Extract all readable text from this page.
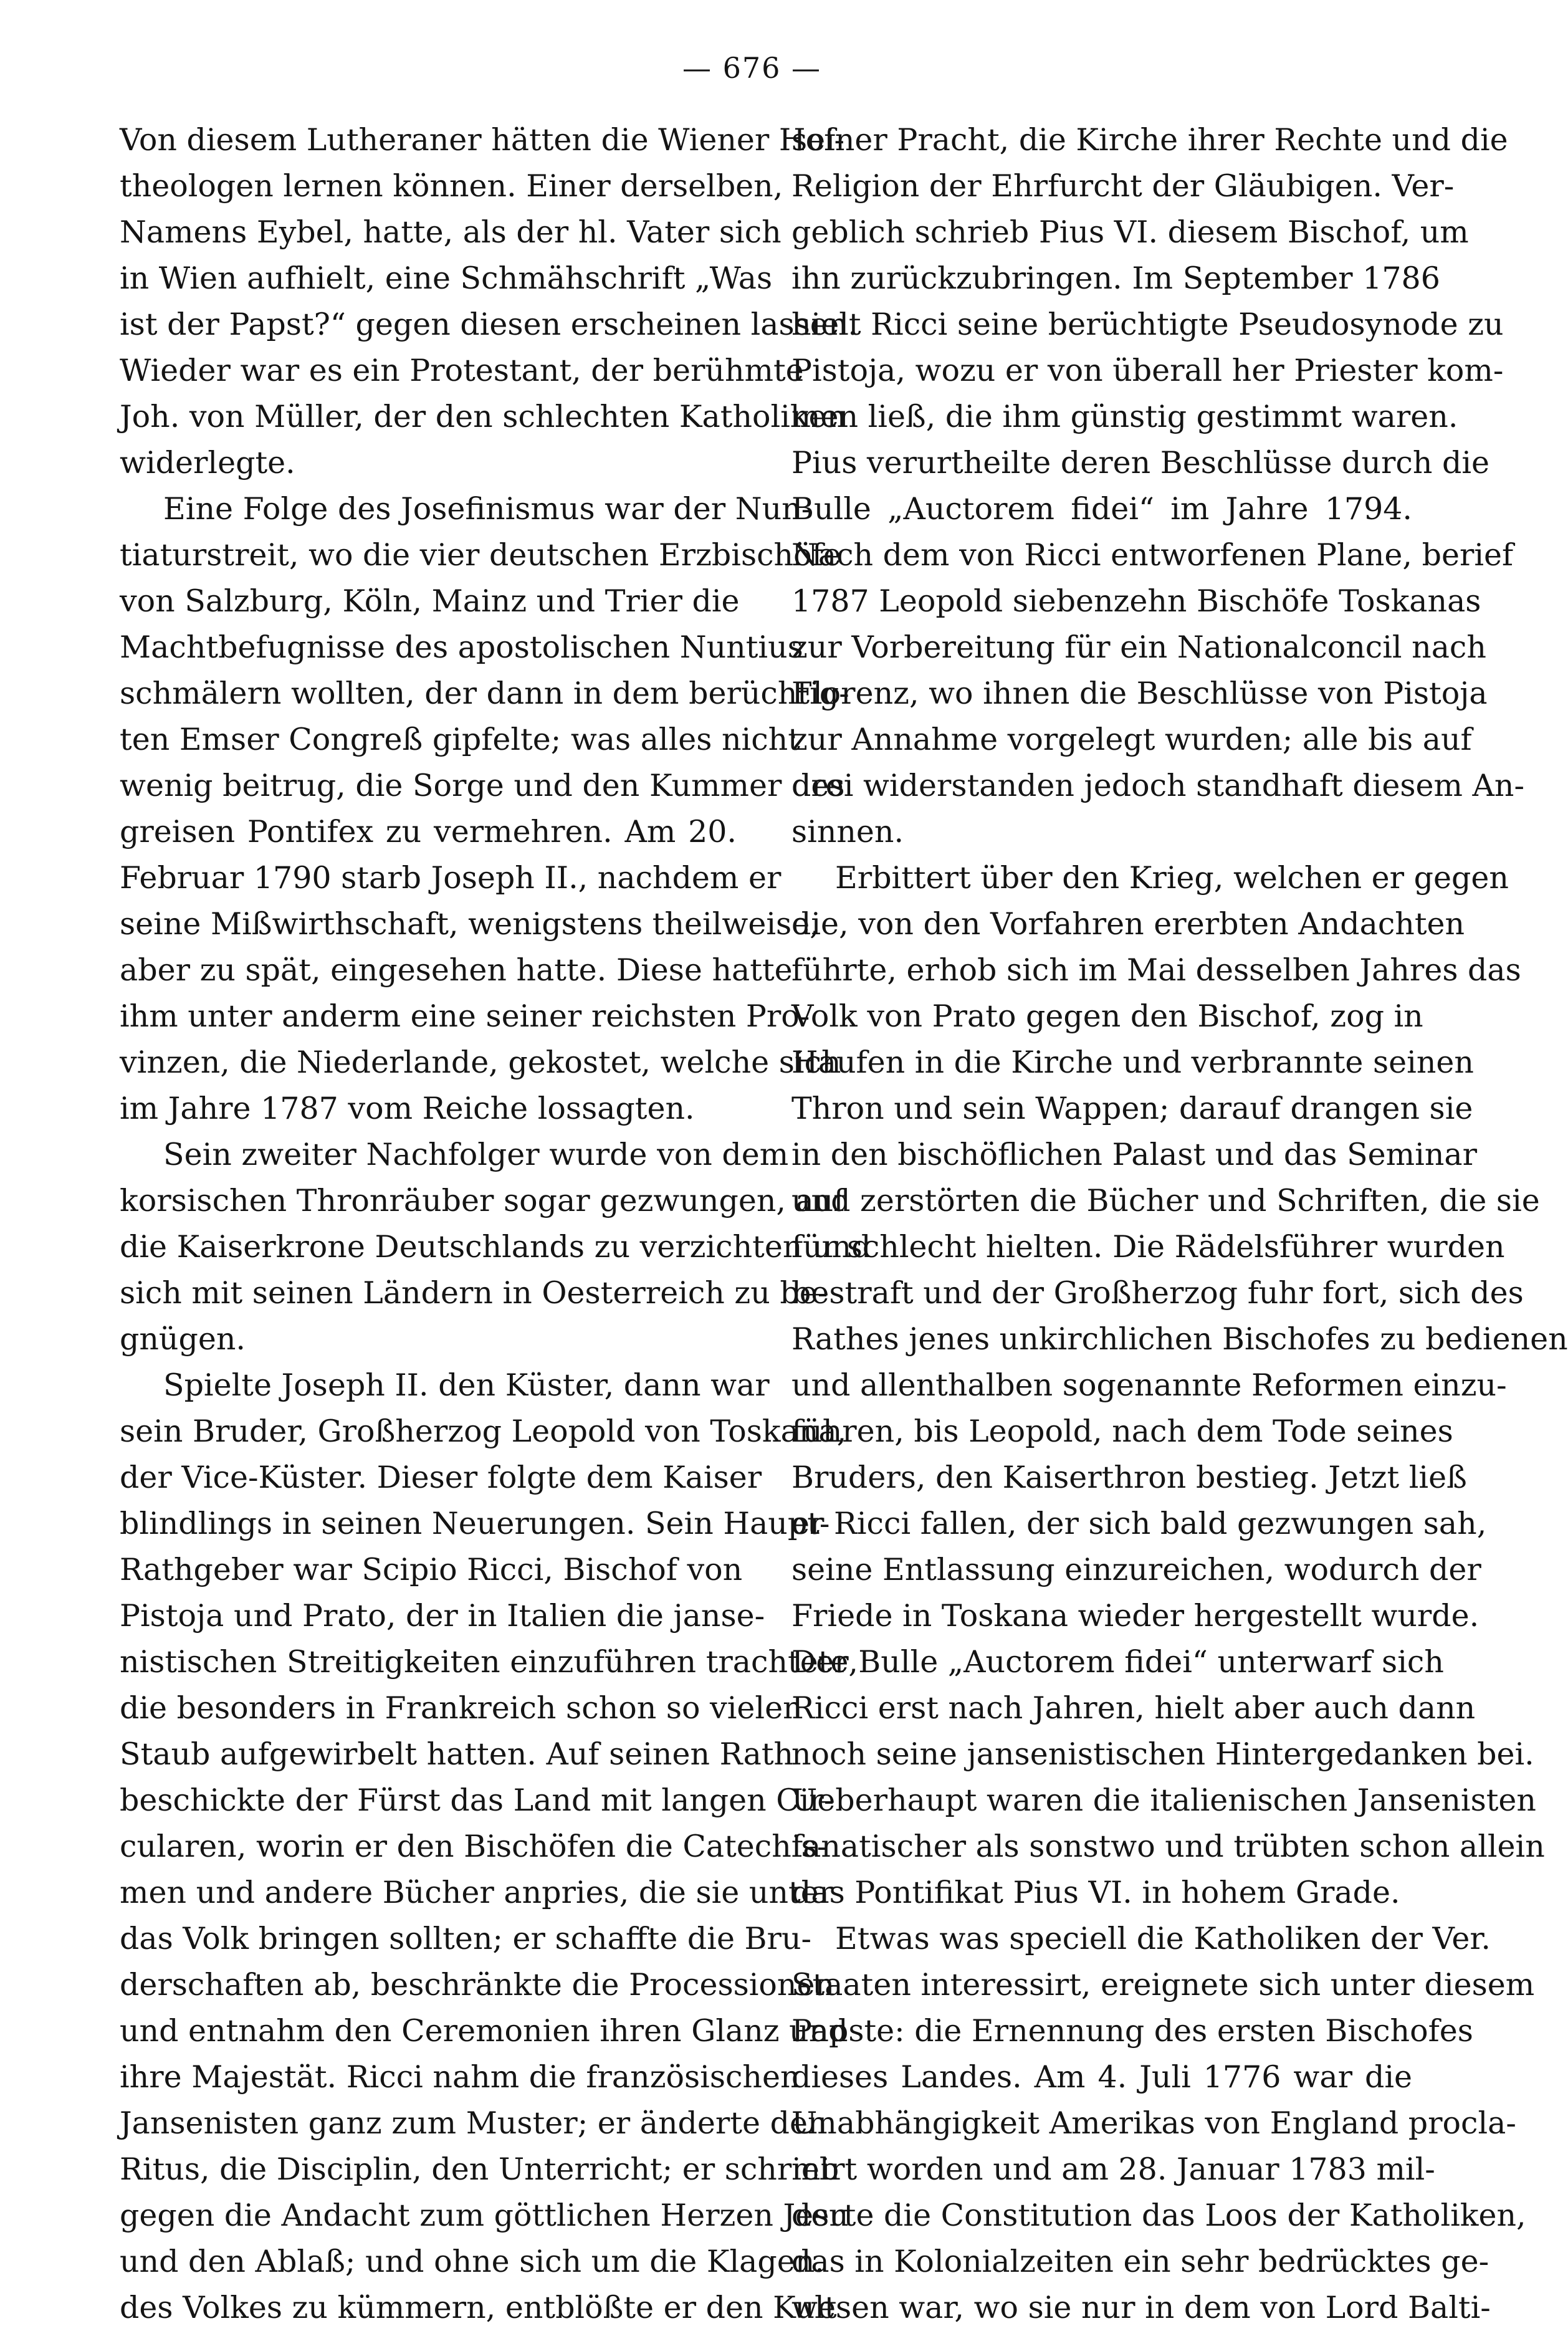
— 676 —
Von diesem Lutheraner hätten die Wiener Hof-
theologen lernen können. Einer derselben,
Namens Eybel, hatte, als der hl. Vater sich
in Wien aufhielt, eine Schmähschrift „Was
ist der Papst?“ gegen diesen erscheinen lassen.
Wieder war es ein Protestant, der berühmte
Joh. von Müller, der den schlechten Katholiken
widerlegte.
Eine Folge des Josefinismus war der Nun-
tiaturstreit, wo die vier deutschen Erzbischöfe
von Salzburg, Köln, Mainz und Trier die
Machtbefugnisse des apostolischen Nuntius
schmälern wollten, der dann in dem berüchtig-
ten Emser Congreß gipfelte; was alles nicht
wenig beitrug, die Sorge und den Kummer des
greisen Pontifex zu vermehren. Am 20.
Februar 1790 starb Joseph II., nachdem er
seine Mißwirthschaft, wenigstens theilweise,
aber zu spät, eingesehen hatte. Diese hatte
ihm unter anderm eine seiner reichsten Pro-
vinzen, die Niederlande, gekostet, welche sich
im Jahre 1787 vom Reiche lossagten.
Sein zweiter Nachfolger wurde von dem
korsischen Thronräuber sogar gezwungen, auf
die Kaiserkrone Deutschlands zu verzichten und
sich mit seinen Ländern in Oesterreich zu be-
gnügen.
Spielte Joseph II. den Küster, dann war
sein Bruder, Großherzog Leopold von Toskana,
der Vice-Küster. Dieser folgte dem Kaiser
blindlings in seinen Neuerungen. Sein Haupt-
Rathgeber war Scipio Ricci, Bischof von
Pistoja und Prato, der in Italien die janse-
nistischen Streitigkeiten einzuführen trachtete,
die besonders in Frankreich schon so vielen
Staub aufgewirbelt hatten. Auf seinen Rath
beschickte der Fürst das Land mit langen Cir-
cularen, worin er den Bischöfen die Catechis-
men und andere Bücher anpries, die sie unter
das Volk bringen sollten; er schaffte die Bru-
derschaften ab, beschränkte die Processionen
und entnahm den Ceremonien ihren Glanz und
ihre Majestät. Ricci nahm die französischen
Jansenisten ganz zum Muster; er änderte den
Ritus, die Disciplin, den Unterricht; er schrieb
gegen die Andacht zum göttlichen Herzen Jesu
und den Ablaß; und ohne sich um die Klagen.
des Volkes zu kümmern, entblößte er den Kult
seiner Pracht, die Kirche ihrer Rechte und die
Religion der Ehrfurcht der Gläubigen. Ver-
geblich schrieb Pius VI. diesem Bischof, um
ihn zurückzubringen. Im September 1786
hielt Ricci seine berüchtigte Pseudosynode zu
Pistoja, wozu er von überall her Priester kom-
men ließ, die ihm günstig gestimmt waren.
Pius verurtheilte deren Beschlüsse durch die
Bulle „Auctorem fidei“ im Jahre 1794.
Nach dem von Ricci entworfenen Plane, berief
1787 Leopold siebenzehn Bischöfe Toskanas
zur Vorbereitung für ein Nationalconcil nach
Florenz, wo ihnen die Beschlüsse von Pistoja
zur Annahme vorgelegt wurden; alle bis auf
drei widerstanden jedoch standhaft diesem An-
sinnen.
Erbittert über den Krieg, welchen er gegen
die, von den Vorfahren ererbten Andachten
führte, erhob sich im Mai desselben Jahres das
Volk von Prato gegen den Bischof, zog in
Haufen in die Kirche und verbrannte seinen
Thron und sein Wappen; darauf drangen sie
in den bischöflichen Palast und das Seminar
und zerstörten die Bücher und Schriften, die sie
für schlecht hielten. Die Rädelsführer wurden
bestraft und der Großherzog fuhr fort, sich des
Rathes jenes unkirchlichen Bischofes zu bedienen
und allenthalben sogenannte Reformen einzu-
führen, bis Leopold, nach dem Tode seines
Bruders, den Kaiserthron bestieg. Jetzt ließ
er Ricci fallen, der sich bald gezwungen sah,
seine Entlassung einzureichen, wodurch der
Friede in Toskana wieder hergestellt wurde.
Der Bulle „Auctorem fidei“ unterwarf sich
Ricci erst nach Jahren, hielt aber auch dann
noch seine jansenistischen Hintergedanken bei.
Ueberhaupt waren die italienischen Jansenisten
fanatischer als sonstwo und trübten schon allein
das Pontifikat Pius VI. in hohem Grade.
Etwas was speciell die Katholiken der Ver.
Staaten interessirt, ereignete sich unter diesem
Papste: die Ernennung des ersten Bischofes
dieses Landes. Am 4. Juli 1776 war die
Unabhängigkeit Amerikas von England procla-
mirt worden und am 28. Januar 1783 mil-
derte die Constitution das Loos der Katholiken,
das in Kolonialzeiten ein sehr bedrücktes ge-
wesen war, wo sie nur in dem von Lord Balti-
